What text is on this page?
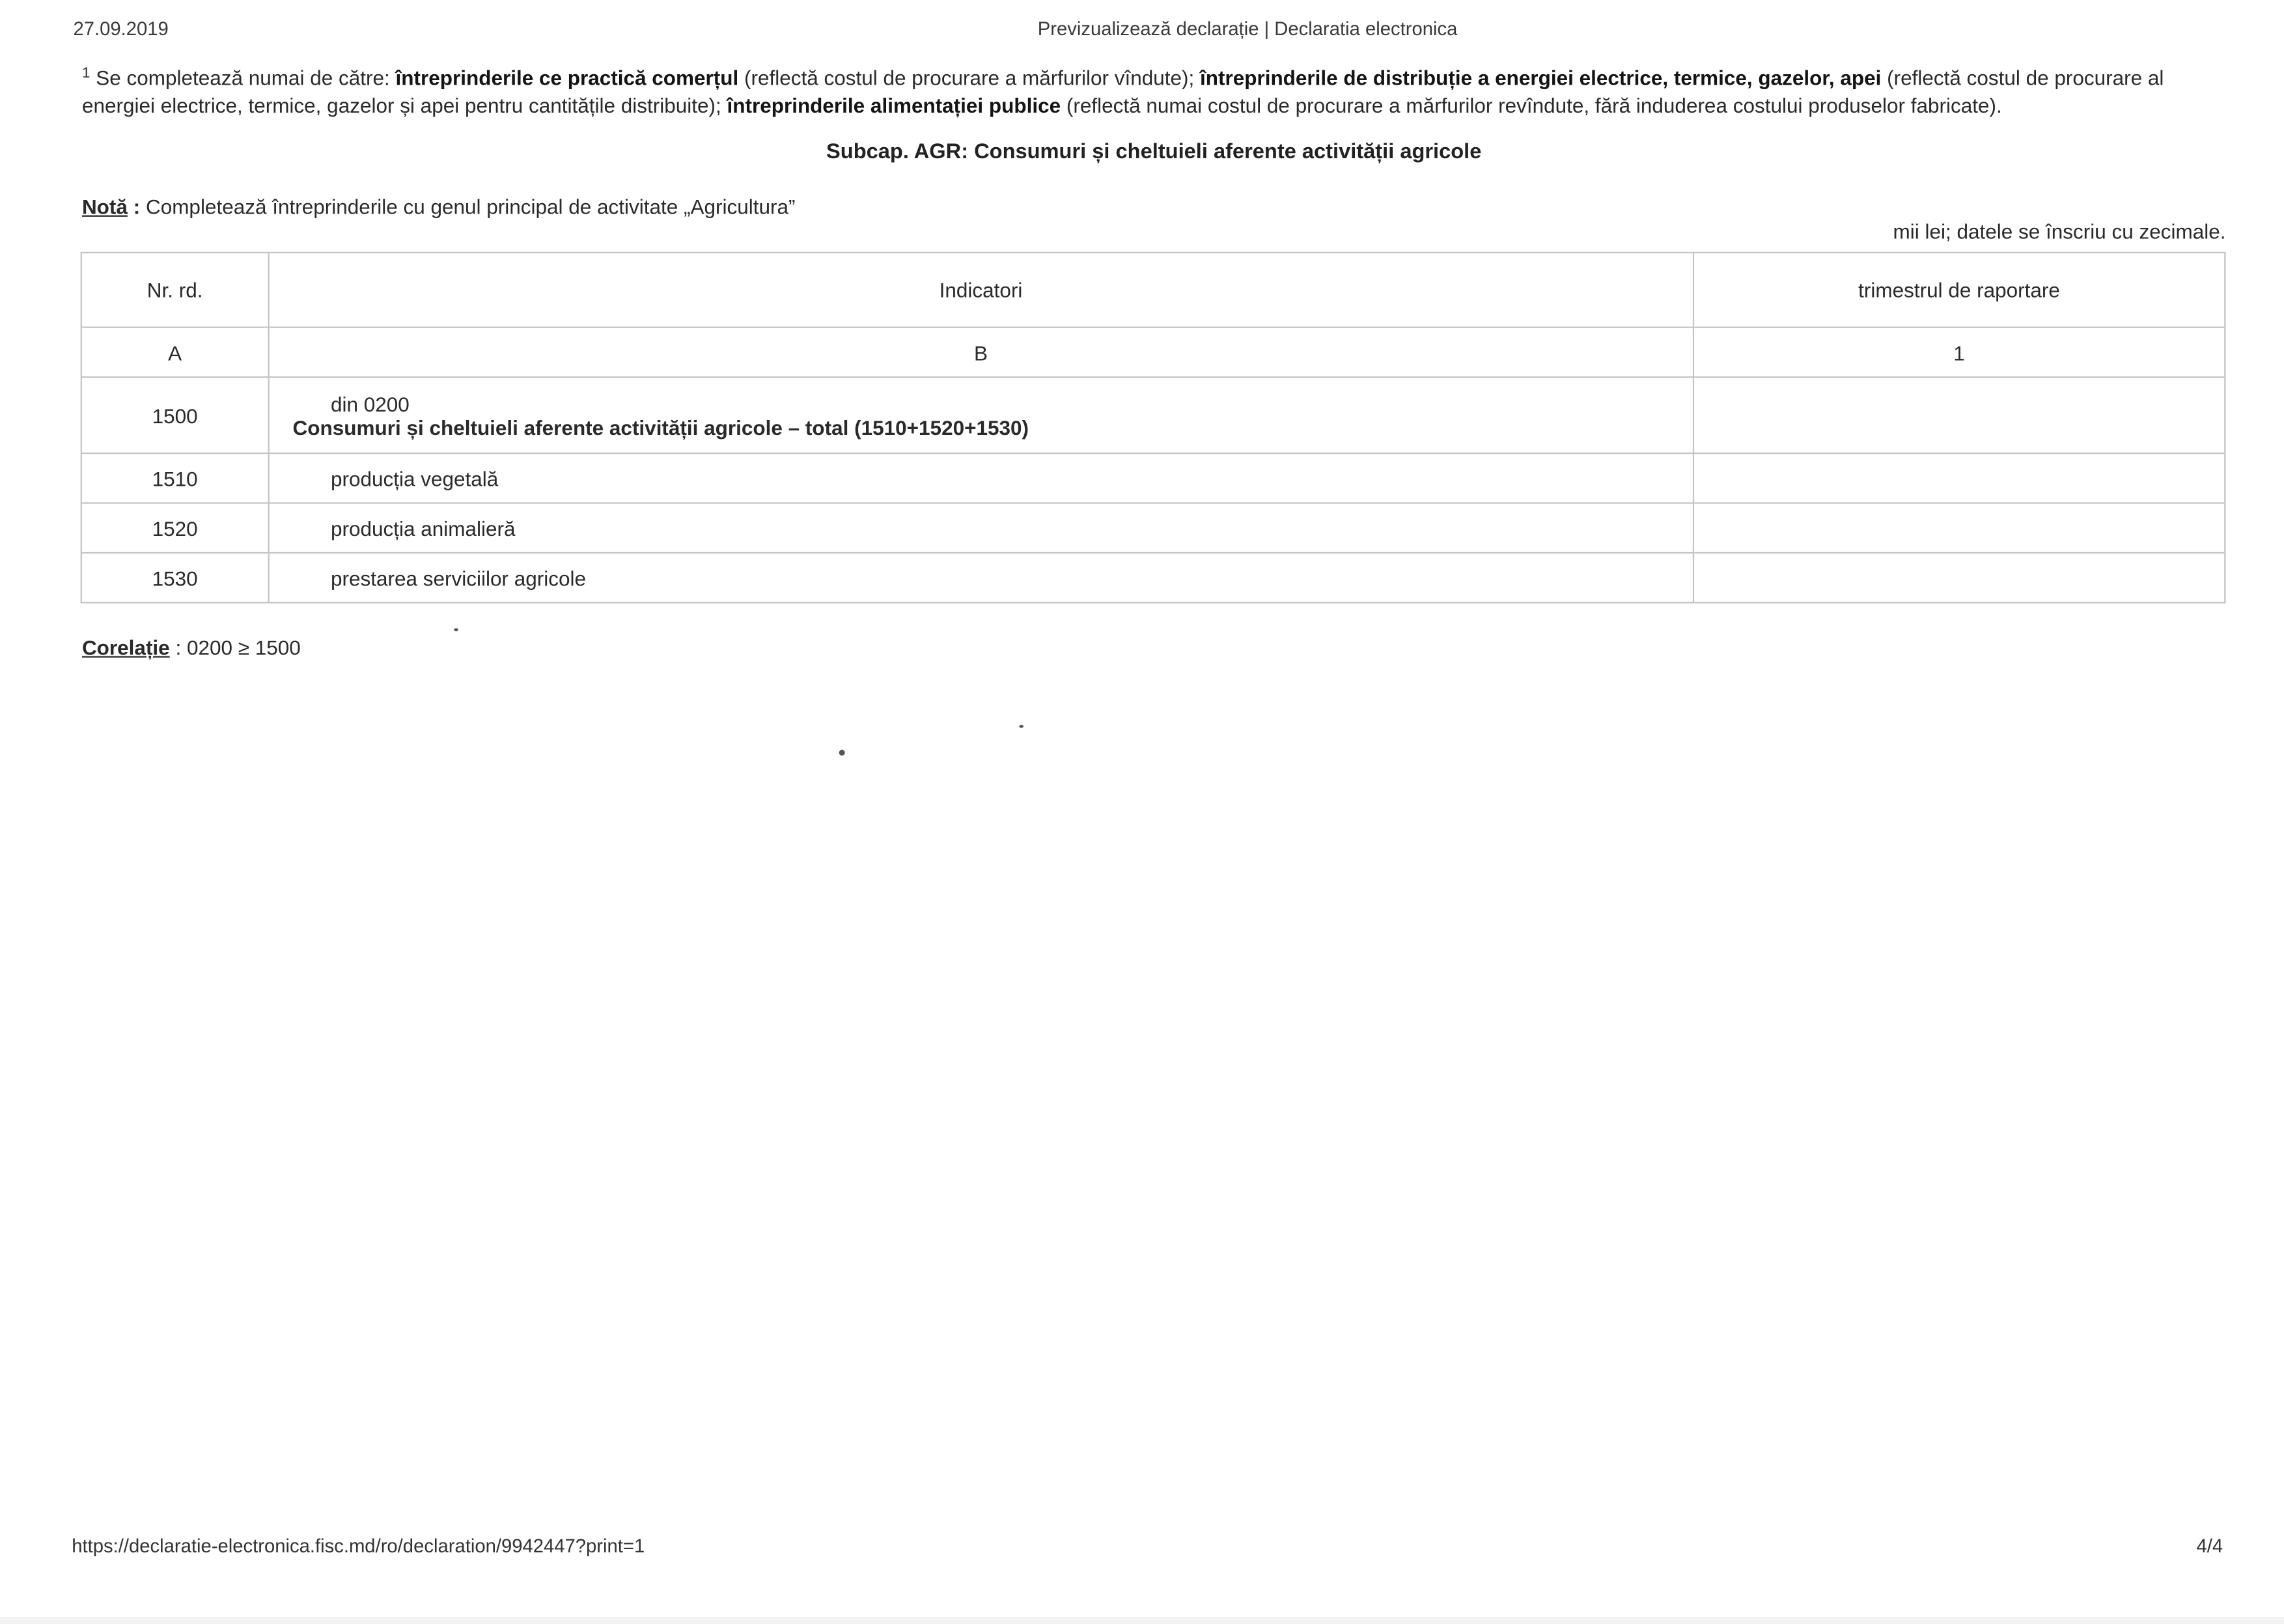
27.09.2019	Previzualizează declarație | Declaratia electronica
$^1$ Se completează numai de către: întreprinderile ce practică comerțul (reflectă costul de procurare a mărfurilor vîndute); întreprinderile de distribuție a energiei electrice, termice, gazelor, apei (reflectă costul de procurare al energiei electrice, termice, gazelor și apei pentru cantitățile distribuite); întreprinderile alimentației publice (reflectă numai costul de procurare a mărfurilor revîndute, fără induderea costului produselor fabricate).
Subcap. AGR: Consumuri și cheltuieli aferente activității agricole
Notă : Completează întreprinderile cu genul principal de activitate „Agricultura”
mii lei; datele se înscriu cu zecimale.
Nr. rd.	Indicatori	trimestrul de raportare
A	B	1
1500	din 0200
Consumuri și cheltuieli aferente activității agricole – total (1510+1520+1530)	

1510	producția vegetală	
1520	producția animalieră	
1530	prestarea serviciilor agricole	
Corelație : 0200 ≥ 1500
https://declaratie-electronica.fisc.md/ro/declaration/9942447?print=1	4/4
